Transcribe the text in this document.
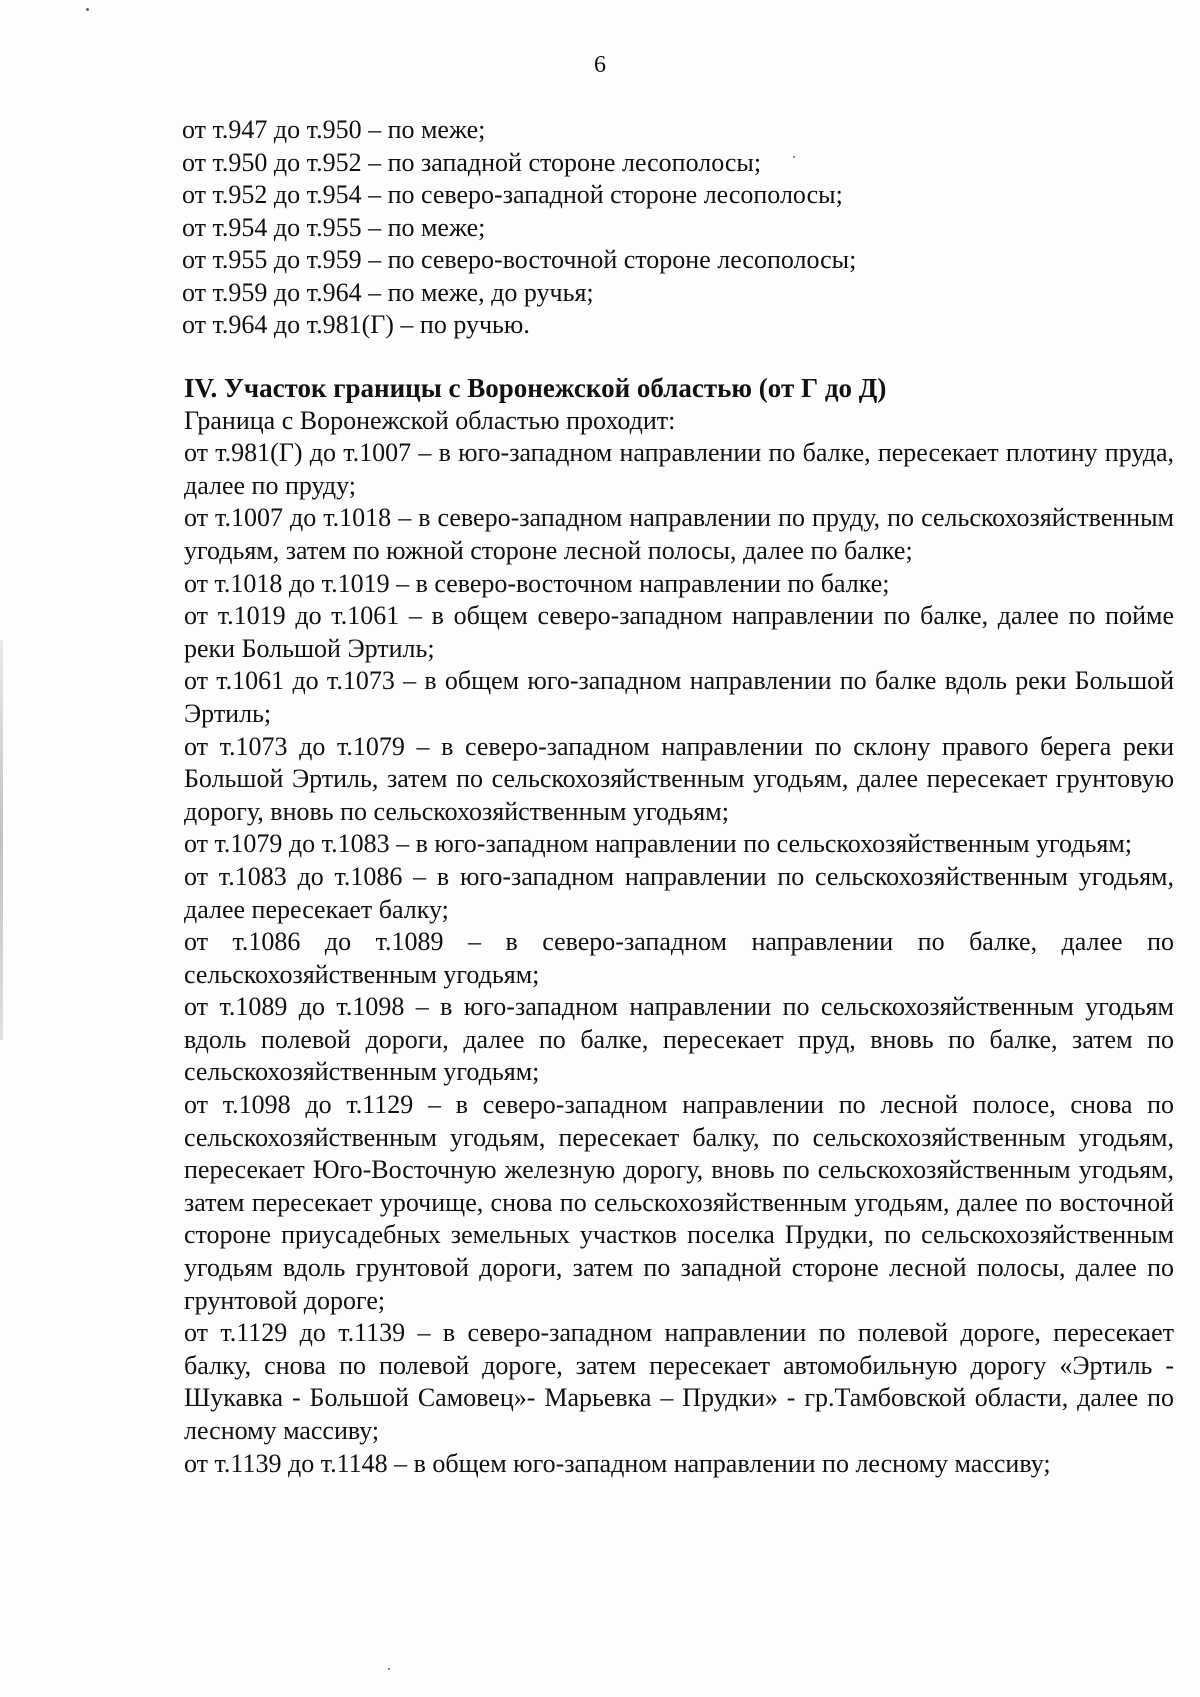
6
от т.947 до т.950 – по меже;
от т.950 до т.952 – по западной стороне лесополосы;
от т.952 до т.954 – по северо-западной стороне лесополосы;
от т.954 до т.955 – по меже;
от т.955 до т.959 – по северо-восточной стороне лесополосы;
от т.959 до т.964 – по меже, до ручья;
от т.964 до т.981(Г) – по ручью.

IV. Участок границы с Воронежской областью (от Г до Д)

Граница с Воронежской областью проходит:

от т.981(Г) до т.1007 – в юго-западном направлении по балке, пересекает плотину пруда, далее по пруду;

от т.1007 до т.1018 – в северо-западном направлении по пруду, по сельскохозяйственным угодьям, затем по южной стороне лесной полосы, далее по балке;

от т.1018 до т.1019 – в северо-восточном направлении по балке;

от т.1019 до т.1061 – в общем северо-западном направлении по балке, далее по пойме реки Большой Эртиль;

от т.1061 до т.1073 – в общем юго-западном направлении по балке вдоль реки Большой Эртиль;

от т.1073 до т.1079 – в северо-западном направлении по склону правого берега реки Большой Эртиль, затем по сельскохозяйственным угодьям, далее пересекает грунтовую дорогу, вновь по сельскохозяйственным угодьям;

от т.1079 до т.1083 – в юго-западном направлении по сельскохозяйственным угодьям;

от т.1083 до т.1086 – в юго-западном направлении по сельскохозяйственным угодьям, далее пересекает балку;

от т.1086 до т.1089 – в северо-западном направлении по балке, далее по сельскохозяйственным угодьям;

от т.1089 до т.1098 – в юго-западном направлении по сельскохозяйственным угодьям вдоль полевой дороги, далее по балке, пересекает пруд, вновь по балке, затем по сельскохозяйственным угодьям;

от т.1098 до т.1129 – в северо-западном направлении по лесной полосе, снова по сельскохозяйственным угодьям, пересекает балку, по сельскохозяйственным угодьям, пересекает Юго-Восточную железную дорогу, вновь по сельскохозяйственным угодьям, затем пересекает урочище, снова по сельскохозяйственным угодьям, далее по восточной стороне приусадебных земельных участков поселка Прудки, по сельскохозяйственным угодьям вдоль грунтовой дороги, затем по западной стороне лесной полосы, далее по грунтовой дороге;

от т.1129 до т.1139 – в северо-западном направлении по полевой дороге, пересекает балку, снова по полевой дороге, затем пересекает автомобильную дорогу «Эртиль - Шукавка - Большой Самовец»- Марьевка – Прудки» - гр.Тамбовской области, далее по лесному массиву;

от т.1139 до т.1148 – в общем юго-западном направлении по лесному массиву;
